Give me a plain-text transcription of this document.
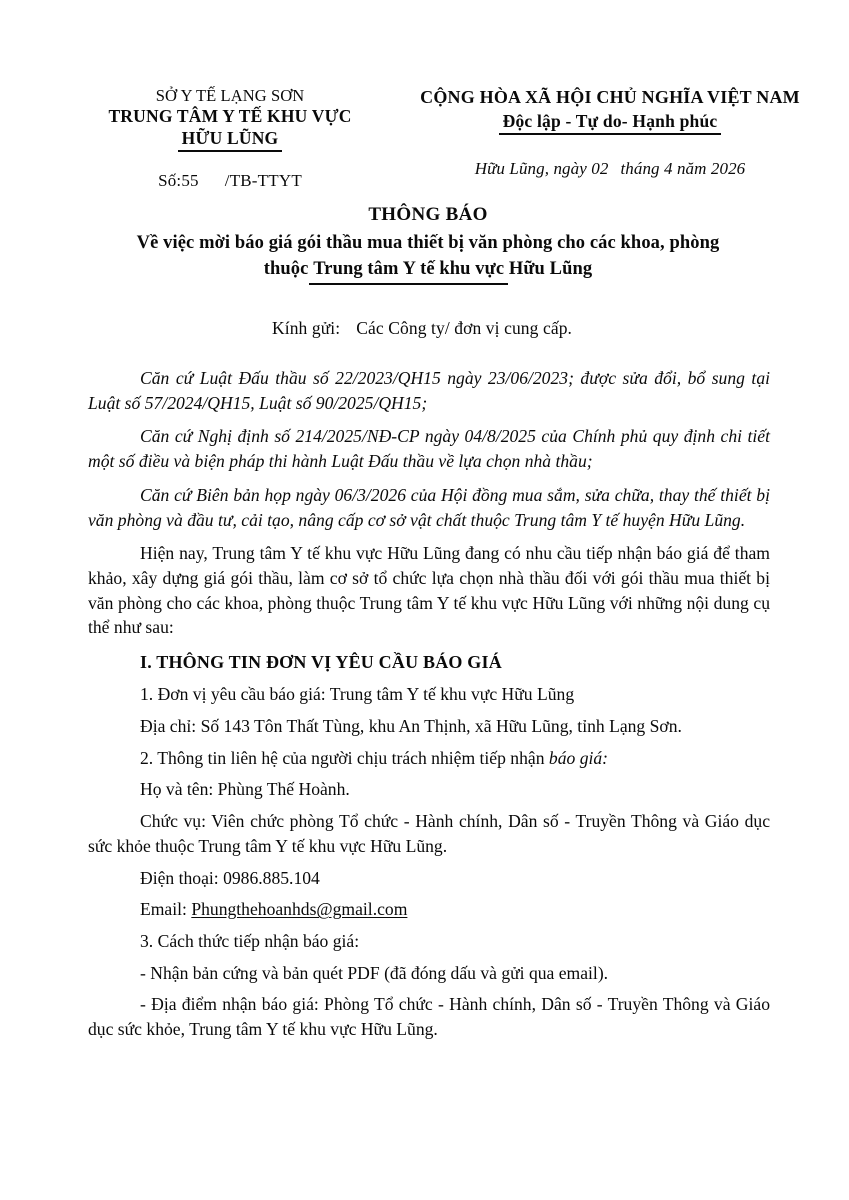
SỞ Y TẾ LẠNG SƠN
TRUNG TÂM Y TẾ KHU VỰC
HỮU LŨNG
Số:55 /TB-TTYT
CỘNG HÒA XÃ HỘI CHỦ NGHĨA VIỆT NAM
Độc lập - Tự do- Hạnh phúc
Hữu Lũng, ngày 02 tháng 4 năm 2026
THÔNG BÁO
Về việc mời báo giá gói thầu mua thiết bị văn phòng cho các khoa, phòng
thuộc Trung tâm Y tế khu vực Hữu Lũng
Kính gửi: Các Công ty/ đơn vị cung cấp.

Căn cứ Luật Đấu thầu số 22/2023/QH15 ngày 23/06/2023; được sửa đổi, bổ sung tại Luật số 57/2024/QH15, Luật số 90/2025/QH15;

Căn cứ Nghị định số 214/2025/NĐ-CP ngày 04/8/2025 của Chính phủ quy định chi tiết một số điều và biện pháp thi hành Luật Đấu thầu về lựa chọn nhà thầu;

Căn cứ Biên bản họp ngày 06/3/2026 của Hội đồng mua sắm, sửa chữa, thay thế thiết bị văn phòng và đầu tư, cải tạo, nâng cấp cơ sở vật chất thuộc Trung tâm Y tế huyện Hữu Lũng.

Hiện nay, Trung tâm Y tế khu vực Hữu Lũng đang có nhu cầu tiếp nhận báo giá để tham khảo, xây dựng giá gói thầu, làm cơ sở tổ chức lựa chọn nhà thầu đối với gói thầu mua thiết bị văn phòng cho các khoa, phòng thuộc Trung tâm Y tế khu vực Hữu Lũng với những nội dung cụ thể như sau:

I. THÔNG TIN ĐƠN VỊ YÊU CẦU BÁO GIÁ

1. Đơn vị yêu cầu báo giá: Trung tâm Y tế khu vực Hữu Lũng

Địa chỉ: Số 143 Tôn Thất Tùng, khu An Thịnh, xã Hữu Lũng, tỉnh Lạng Sơn.

2. Thông tin liên hệ của người chịu trách nhiệm tiếp nhận báo giá:

Họ và tên: Phùng Thế Hoành.

Chức vụ: Viên chức phòng Tổ chức - Hành chính, Dân số - Truyền Thông và Giáo dục sức khỏe thuộc Trung tâm Y tế khu vực Hữu Lũng.

Điện thoại: 0986.885.104

Email: Phungthehoanhds@gmail.com

3. Cách thức tiếp nhận báo giá:

- Nhận bản cứng và bản quét PDF (đã đóng dấu và gửi qua email).

- Địa điểm nhận báo giá: Phòng Tổ chức - Hành chính, Dân số - Truyền Thông và Giáo dục sức khỏe, Trung tâm Y tế khu vực Hữu Lũng.
